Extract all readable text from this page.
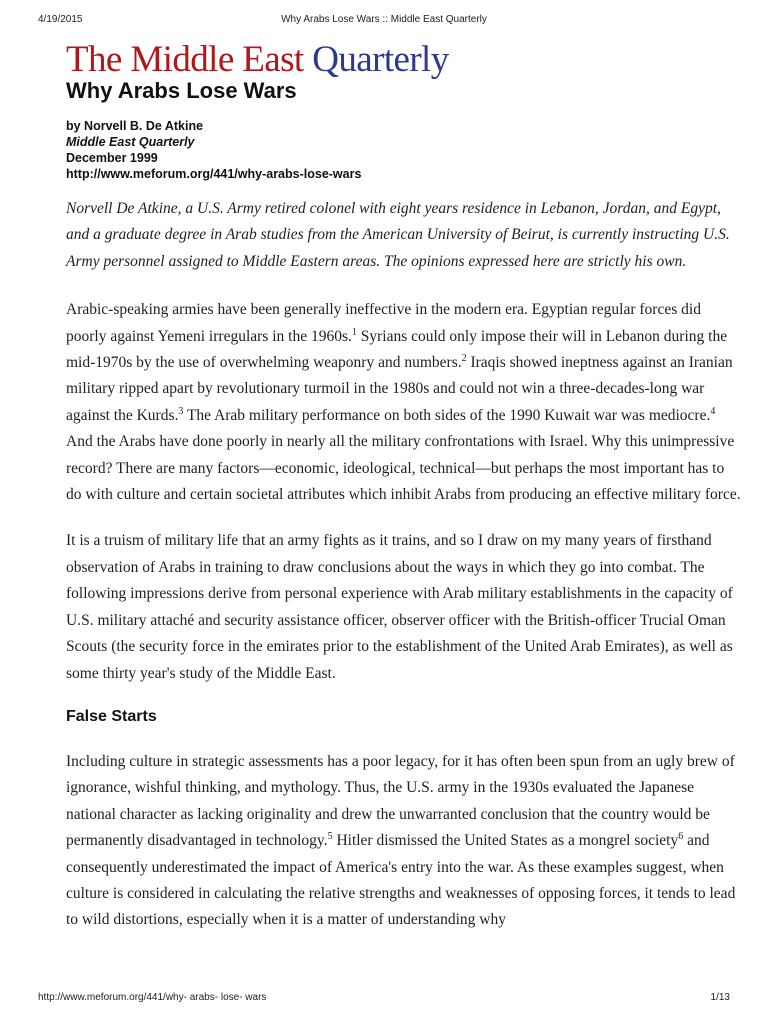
4/19/2015	Why Arabs Lose Wars :: Middle East Quarterly
The Middle East Quarterly
Why Arabs Lose Wars
by Norvell B. De Atkine
Middle East Quarterly
December 1999
http://www.meforum.org/441/why-arabs-lose-wars

Norvell De Atkine, a U.S. Army retired colonel with eight years residence in Lebanon, Jordan, and Egypt, and a graduate degree in Arab studies from the American University of Beirut, is currently instructing U.S. Army personnel assigned to Middle Eastern areas. The opinions expressed here are strictly his own.

Arabic-speaking armies have been generally ineffective in the modern era. Egyptian regular forces did poorly against Yemeni irregulars in the 1960s.$^1$ Syrians could only impose their will in Lebanon during the mid-1970s by the use of overwhelming weaponry and numbers.$^2$ Iraqis showed ineptness against an Iranian military ripped apart by revolutionary turmoil in the 1980s and could not win a three-decades-long war against the Kurds.$^3$ The Arab military performance on both sides of the 1990 Kuwait war was mediocre.$^4$ And the Arabs have done poorly in nearly all the military confrontations with Israel. Why this unimpressive record? There are many factors—economic, ideological, technical—but perhaps the most important has to do with culture and certain societal attributes which inhibit Arabs from producing an effective military force.

It is a truism of military life that an army fights as it trains, and so I draw on my many years of firsthand observation of Arabs in training to draw conclusions about the ways in which they go into combat. The following impressions derive from personal experience with Arab military establishments in the capacity of U.S. military attaché and security assistance officer, observer officer with the British-officer Trucial Oman Scouts (the security force in the emirates prior to the establishment of the United Arab Emirates), as well as some thirty year's study of the Middle East.

False Starts

Including culture in strategic assessments has a poor legacy, for it has often been spun from an ugly brew of ignorance, wishful thinking, and mythology. Thus, the U.S. army in the 1930s evaluated the Japanese national character as lacking originality and drew the unwarranted conclusion that the country would be permanently disadvantaged in technology.$^5$ Hitler dismissed the United States as a mongrel society$^6$ and consequently underestimated the impact of America's entry into the war. As these examples suggest, when culture is considered in calculating the relative strengths and weaknesses of opposing forces, it tends to lead to wild distortions, especially when it is a matter of understanding why

http://www.meforum.org/441/why- arabs- lose- wars	1/13
